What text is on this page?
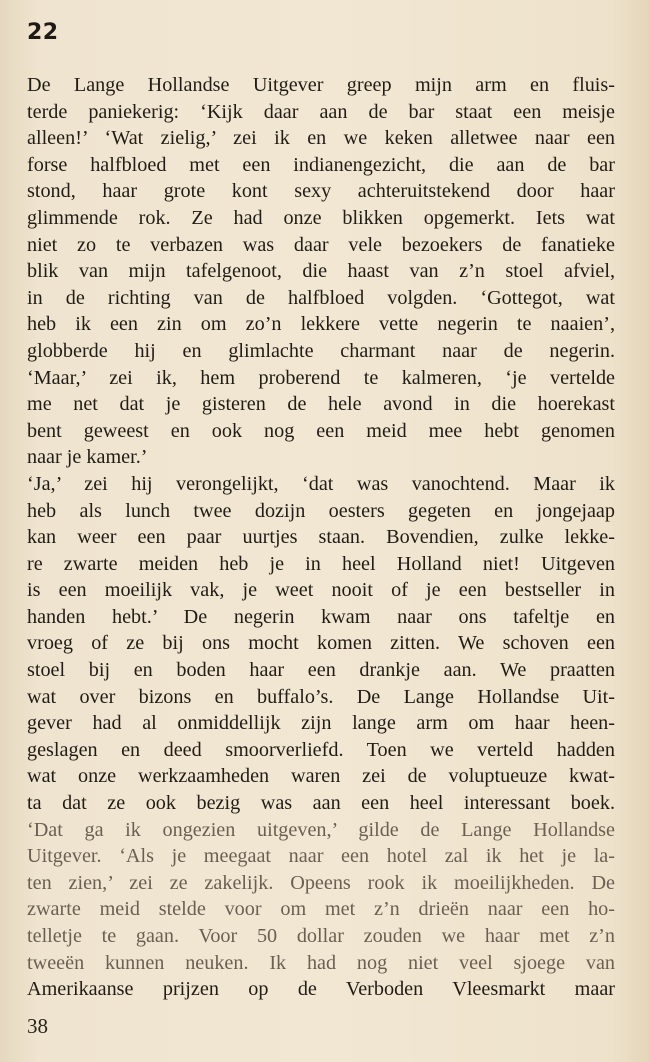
22
De Lange Hollandse Uitgever greep mijn arm en fluis-
terde paniekerig: ‘Kijk daar aan de bar staat een meisje
alleen!’ ‘Wat zielig,’ zei ik en we keken alletwee naar een
forse halfbloed met een indianengezicht, die aan de bar
stond, haar grote kont sexy achteruitstekend door haar
glimmende rok. Ze had onze blikken opgemerkt. Iets wat
niet zo te verbazen was daar vele bezoekers de fanatieke
blik van mijn tafelgenoot, die haast van z’n stoel afviel,
in de richting van de halfbloed volgden. ‘Gottegot, wat
heb ik een zin om zo’n lekkere vette negerin te naaien’,
globberde hij en glimlachte charmant naar de negerin.
‘Maar,’ zei ik, hem proberend te kalmeren, ‘je vertelde
me net dat je gisteren de hele avond in die hoerekast
bent geweest en ook nog een meid mee hebt genomen
naar je kamer.’
‘Ja,’ zei hij verongelijkt, ‘dat was vanochtend. Maar ik
heb als lunch twee dozijn oesters gegeten en jongejaap
kan weer een paar uurtjes staan. Bovendien, zulke lekke-
re zwarte meiden heb je in heel Holland niet! Uitgeven
is een moeilijk vak, je weet nooit of je een bestseller in
handen hebt.’ De negerin kwam naar ons tafeltje en
vroeg of ze bij ons mocht komen zitten. We schoven een
stoel bij en boden haar een drankje aan. We praatten
wat over bizons en buffalo’s. De Lange Hollandse Uit-
gever had al onmiddellijk zijn lange arm om haar heen-
geslagen en deed smoorverliefd. Toen we verteld hadden
wat onze werkzaamheden waren zei de voluptueuze kwat-
ta dat ze ook bezig was aan een heel interessant boek.
‘Dat ga ik ongezien uitgeven,’ gilde de Lange Hollandse
Uitgever. ‘Als je meegaat naar een hotel zal ik het je la-
ten zien,’ zei ze zakelijk. Opeens rook ik moeilijkheden. De
zwarte meid stelde voor om met z’n drieën naar een ho-
telletje te gaan. Voor 50 dollar zouden we haar met z’n
tweeën kunnen neuken. Ik had nog niet veel sjoege van
Amerikaanse prijzen op de Verboden Vleesmarkt maar
38
